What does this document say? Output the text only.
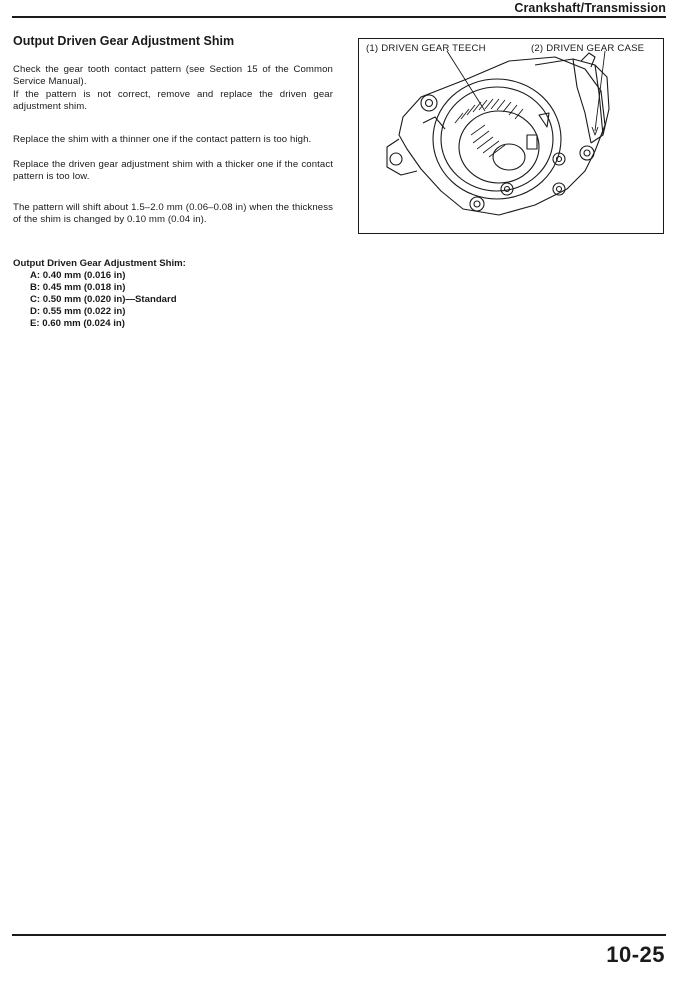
Crankshaft/Transmission
Output Driven Gear Adjustment Shim

Check the gear tooth contact pattern (see Section 15 of the Common Service Manual).

If the pattern is not correct, remove and replace the driven gear adjustment shim.

Replace the shim with a thinner one if the contact pattern is too high.

Replace the driven gear adjustment shim with a thicker one if the contact pattern is too low.

The pattern will shift about 1.5–2.0 mm (0.06–0.08 in) when the thickness of the shim is changed by 0.10 mm (0.04 in).

Output Driven Gear Adjustment Shim:

A: 0.40 mm (0.016 in)
B: 0.45 mm (0.018 in)
C: 0.50 mm (0.020 in)—Standard
D: 0.55 mm (0.022 in)
E: 0.60 mm (0.024 in)
(1) DRIVEN GEAR TEECH	(2) DRIVEN GEAR CASE
10-25
